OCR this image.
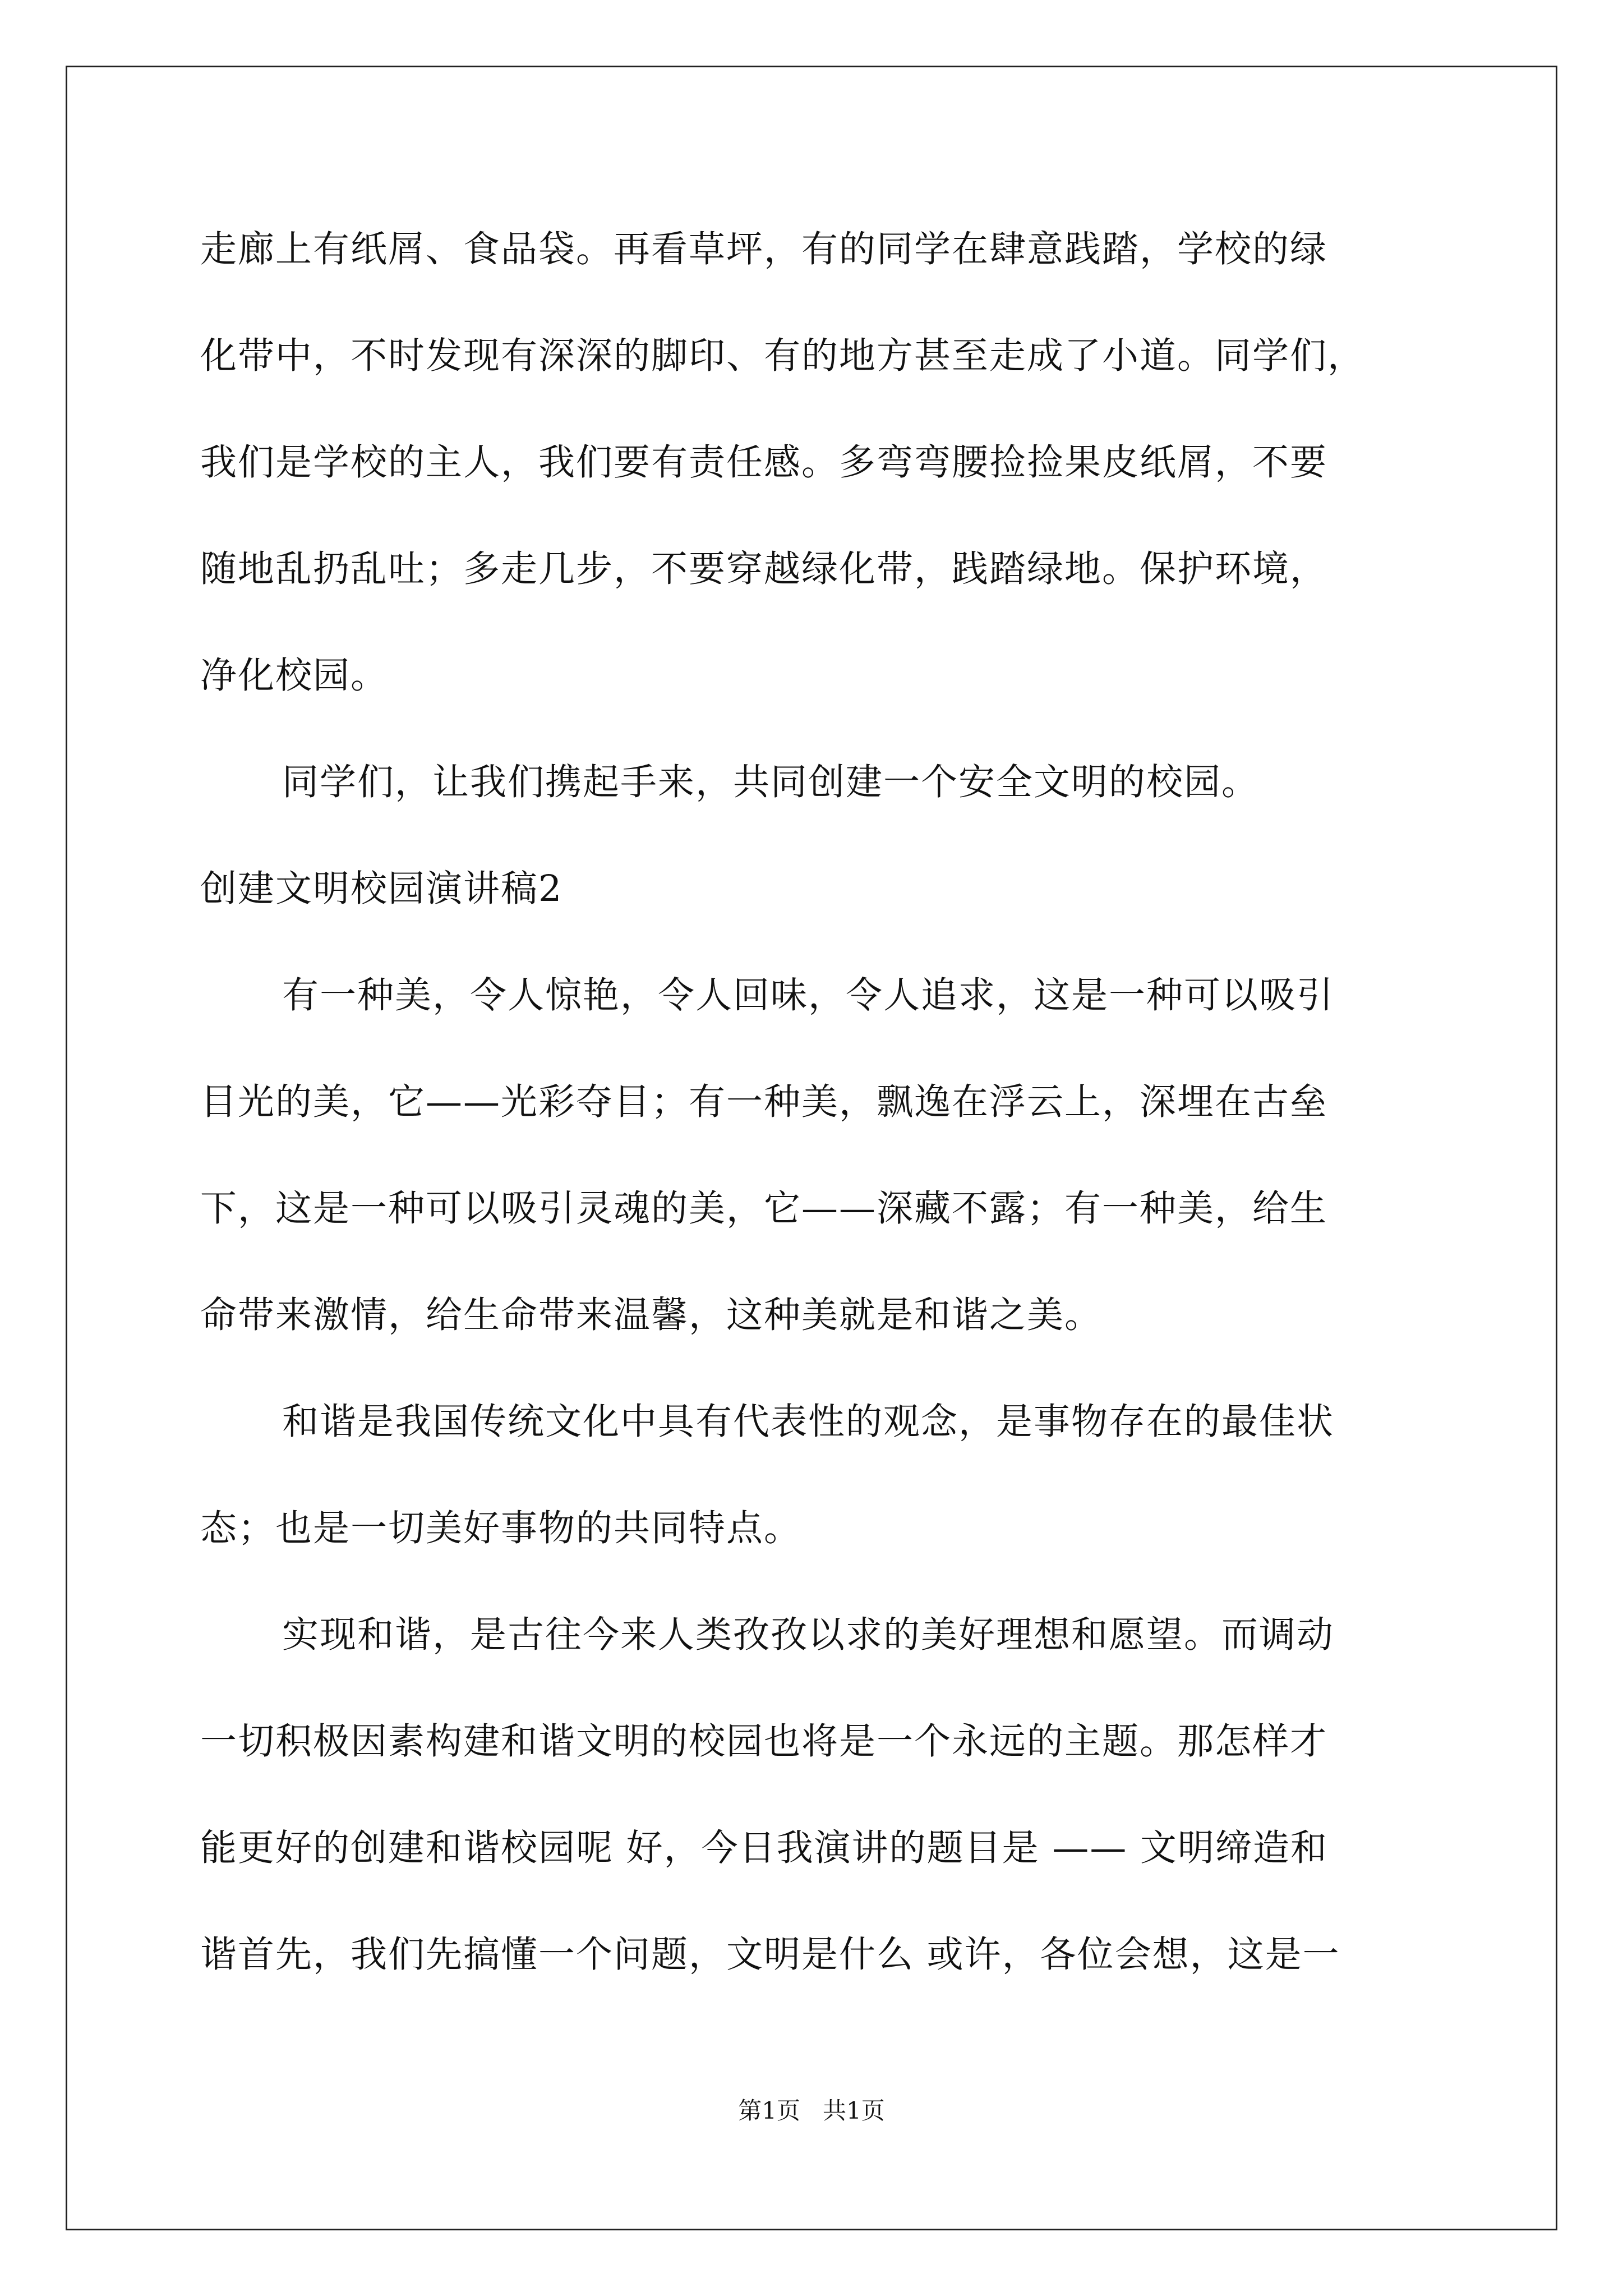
走廊上有纸屑、食品袋。再看草坪，有的同学在肆意践踏，学校的绿
化带中，不时发现有深深的脚印、有的地方甚至走成了小道。同学们，
我们是学校的主人，我们要有责任感。多弯弯腰捡捡果皮纸屑，不要
随地乱扔乱吐；多走几步，不要穿越绿化带，践踏绿地。保护环境，
净化校园。
同学们，让我们携起手来，共同创建一个安全文明的校园。
创建文明校园演讲稿2
有一种美，令人惊艳，令人回味，令人追求，这是一种可以吸引
目光的美，它——光彩夺目；有一种美，飘逸在浮云上，深埋在古垒
下，这是一种可以吸引灵魂的美，它——深藏不露；有一种美，给生
命带来激情，给生命带来温馨，这种美就是和谐之美。
和谐是我国传统文化中具有代表性的观念，是事物存在的最佳状
态；也是一切美好事物的共同特点。
实现和谐，是古往今来人类孜孜以求的美好理想和愿望。而调动
一切积极因素构建和谐文明的校园也将是一个永远的主题。那怎样才
能更好的创建和谐校园呢 好，今日我演讲的题目是 —— 文明缔造和
谐首先，我们先搞懂一个问题，文明是什么 或许，各位会想，这是一
第1页   共1页
